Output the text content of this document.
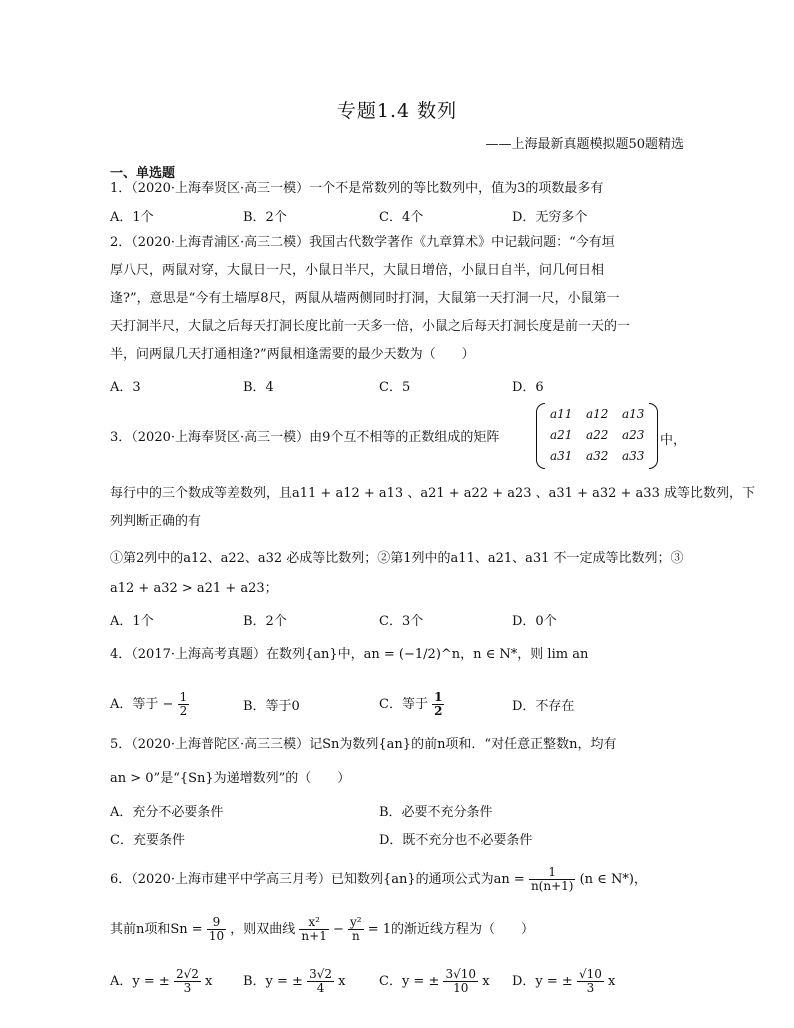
专题1.4 数列
——上海最新真题模拟题50题精选
一、单选题
1．（2020·上海奉贤区·高三一模）一个不是常数列的等比数列中，值为3的项数最多有
A．1个	B．2个	C．4个	D．无穷多个
2．（2020·上海青浦区·高三二模）我国古代数学著作《九章算术》中记载问题：“今有垣
厚八尺，两鼠对穿，大鼠日一尺，小鼠日半尺，大鼠日增倍，小鼠日自半，问几何日相
逢?”，意思是“今有土墙厚8尺，两鼠从墙两侧同时打洞，大鼠第一天打洞一尺，小鼠第一
天打洞半尺，大鼠之后每天打洞长度比前一天多一倍，小鼠之后每天打洞长度是前一天的一
半，问两鼠几天打通相逢?”两鼠相逢需要的最少天数为（　　）
A．3	B．4	C．5	D．6
3．（2020·上海奉贤区·高三一模）由9个互不相等的正数组成的矩阵
a11 a12 a13
a21 a22 a23
a31 a32 a33
中，
每行中的三个数成等差数列，且a11 + a12 + a13 、a21 + a22 + a23 、a31 + a32 + a33 成等比数列，下
列判断正确的有
①第2列中的a12、a22、a32 必成等比数列；②第1列中的a11、a21、a31 不一定成等比数列；③
a12 + a32 > a21 + a23；
A．1个	B．2个	C．3个	D．0个
4．（2017·上海高考真题）在数列{an}中，an = (−1/2)^n，n ∈ N*，则 lim an
A．等于 − $\frac{1}{2}$	B．等于0	C．等于 $\frac{1}{2}$	D．不存在
5．（2020·上海普陀区·高三三模）记Sn为数列{an}的前n项和．“对任意正整数n，均有
an > 0”是“{Sn}为递增数列”的（　　）
A．充分不必要条件	B．必要不充分条件
C．充要条件	D．既不充分也不必要条件
6．（2020·上海市建平中学高三月考）已知数列{an}的通项公式为an = $\frac{1}{n(n+1)} (n$ ∈ N*)，
其前n项和$Sn = \frac{9}{10}$ ，则双曲线 $\frac{\text{x²}}{n+1} - \frac{\text{y²}}{n} = 1$的渐近线方程为（　　）
A．y = ± $\frac{2√2}{3}$ x B．y = ± $\frac{3√2}{4}$ x	C．y = ± $\frac{3√10}{10}$ x D．y = ± $\frac{√10}{3}$ x
